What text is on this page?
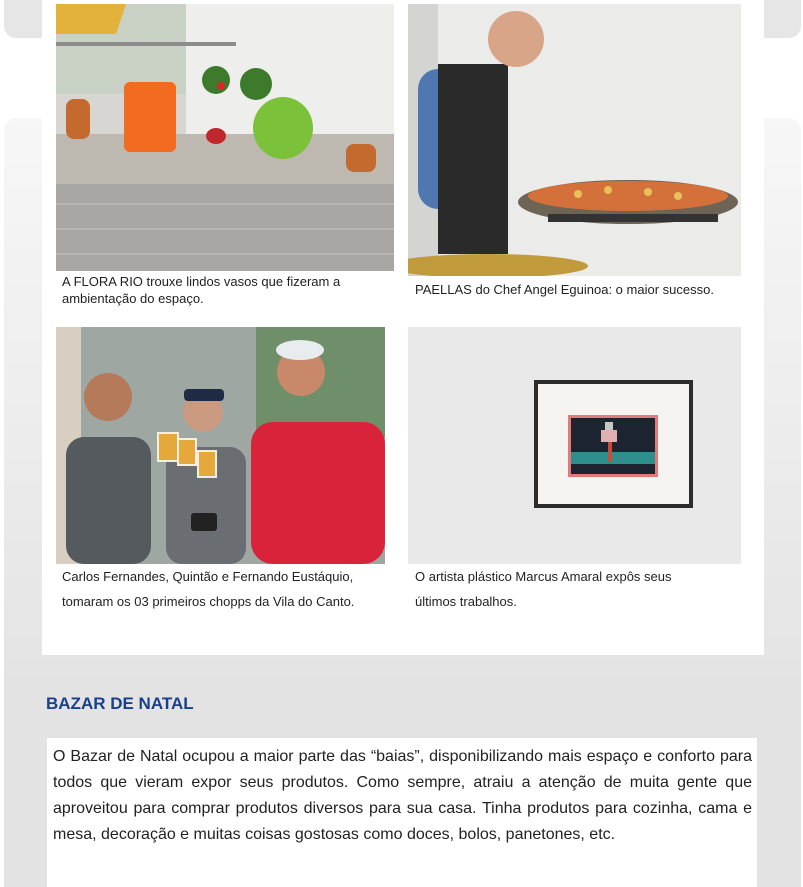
A FLORA RIO trouxe lindos vasos que fizeram a ambientação do espaço.

PAELLAS do Chef Angel Eguinoa: o maior sucesso.

Carlos Fernandes, Quintão e Fernando Eustáquio, tomaram os 03 primeiros chopps da Vila do Canto.

O artista plástico Marcus Amaral expôs seus últimos trabalhos.

BAZAR DE NATAL

O Bazar de Natal ocupou a maior parte das “baias”, disponibilizando mais espaço e conforto para todos que vieram expor seus produtos. Como sempre, atraiu a atenção de muita gente que aproveitou para comprar produtos diversos para sua casa. Tinha produtos para cozinha, cama e mesa, decoração e muitas coisas gostosas como doces, bolos, panetones, etc.
